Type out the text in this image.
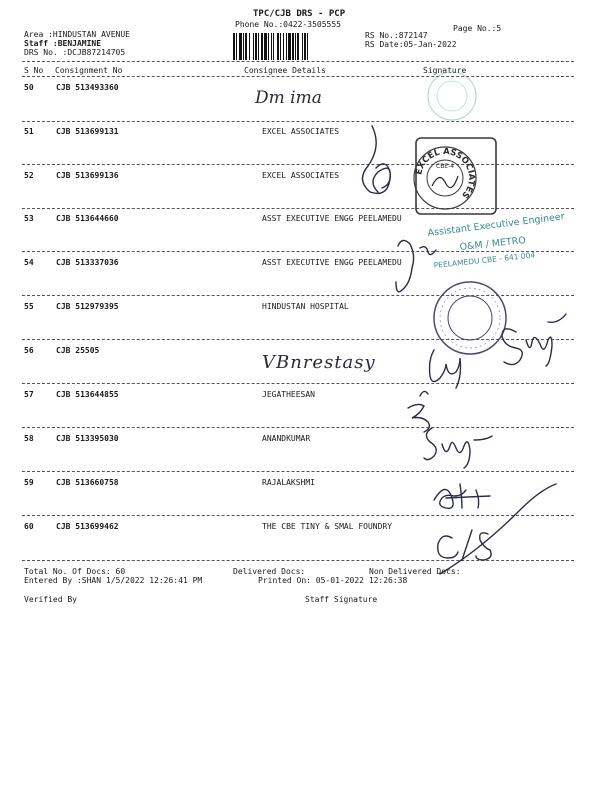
TPC/CJB DRS - PCP
Phone No.:0422-3505555	Page No.:5
Area :HINDUSTAN AVENUE
Staff :BENJAMINE
DRS No. :DCJB87214705
RS No.:872147
RS Date:05-Jan-2022
S No Consignment No	Consignee Details	Signature
50	CJB 513493360
51	CJB 513699131	EXCEL ASSOCIATES
52	CJB 513699136	EXCEL ASSOCIATES
53	CJB 513644660	ASST EXECUTIVE ENGG PEELAMEDU
54	CJB 513337036	ASST EXECUTIVE ENGG PEELAMEDU
55	CJB 512979395	HINDUSTAN HOSPITAL
56	CJB 25505
57	CJB 513644855	JEGATHEESAN
58	CJB 513395030	ANANDKUMAR
59	CJB 513660758	RAJALAKSHMI
60	CJB 513699462	THE CBE TINY & SMAL FOUNDRY
Dm ima
VBnrestasy
EXCEL ASSOCIATES
CBE-4
Assistant Executive Engineer
O&M / METRO
PEELAMEDU CBE - 641 004
Total No. Of Docs: 60	Delivered Docs:	Non Delivered Docs:
Entered By :SHAN 1/5/2022 12:26:41 PM	Printed On: 05-01-2022 12:26:38
Verified By	Staff Signature
